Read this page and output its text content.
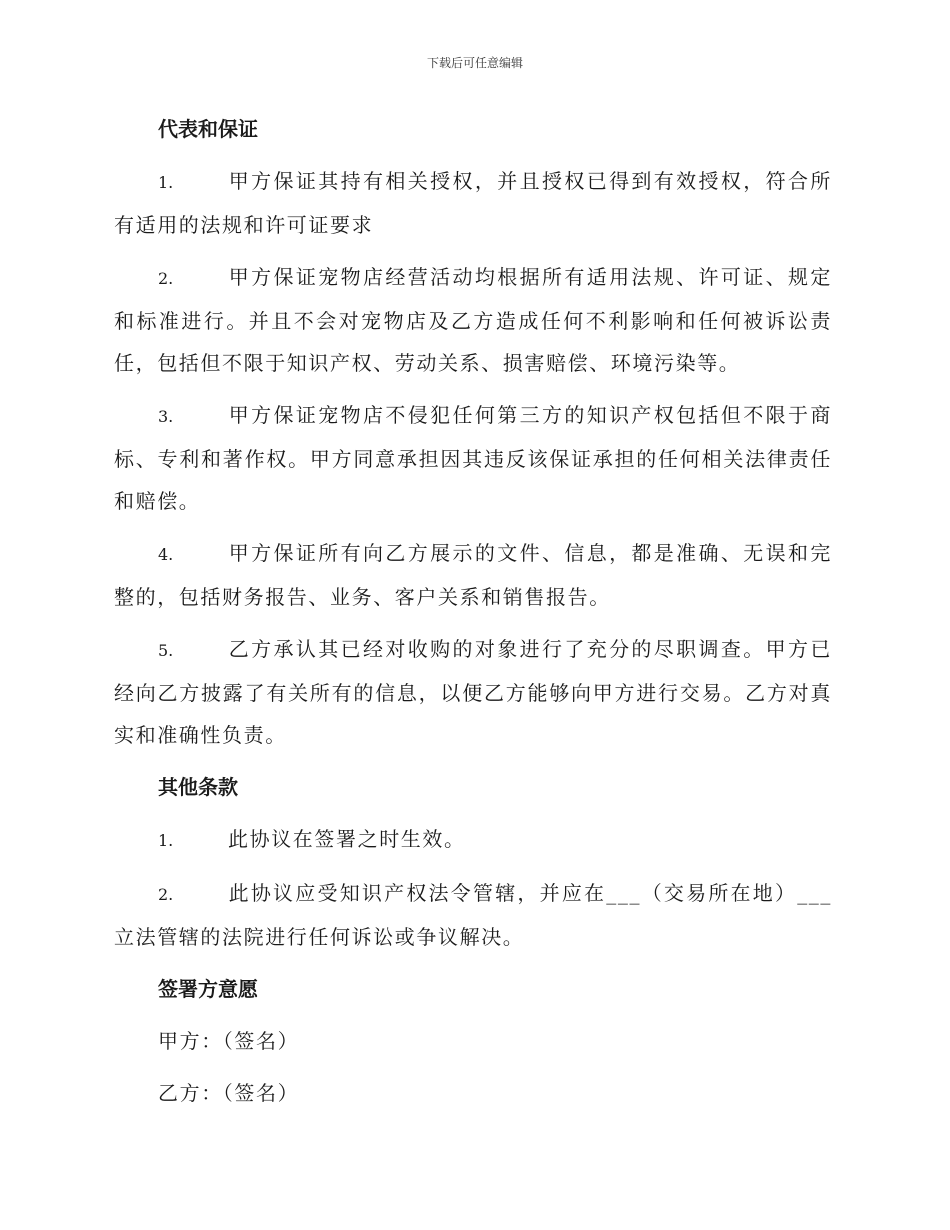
下载后可任意编辑
代表和保证
1.	甲方保证其持有相关授权，并且授权已得到有效授权，符合所有适用的法规和许可证要求
2.	甲方保证宠物店经营活动均根据所有适用法规、许可证、规定和标准进行。并且不会对宠物店及乙方造成任何不利影响和任何被诉讼责任，包括但不限于知识产权、劳动关系、损害赔偿、环境污染等。
3.	甲方保证宠物店不侵犯任何第三方的知识产权包括但不限于商标、专利和著作权。甲方同意承担因其违反该保证承担的任何相关法律责任和赔偿。
4.	甲方保证所有向乙方展示的文件、信息，都是准确、无误和完整的，包括财务报告、业务、客户关系和销售报告。
5.	乙方承认其已经对收购的对象进行了充分的尽职调查。甲方已经向乙方披露了有关所有的信息，以便乙方能够向甲方进行交易。乙方对真实和准确性负责。
其他条款
1.	此协议在签署之时生效。
2.	此协议应受知识产权法令管辖，并应在___（交易所在地）___立法管辖的法院进行任何诉讼或争议解决。
签署方意愿
甲方：（签名）
乙方：（签名）
